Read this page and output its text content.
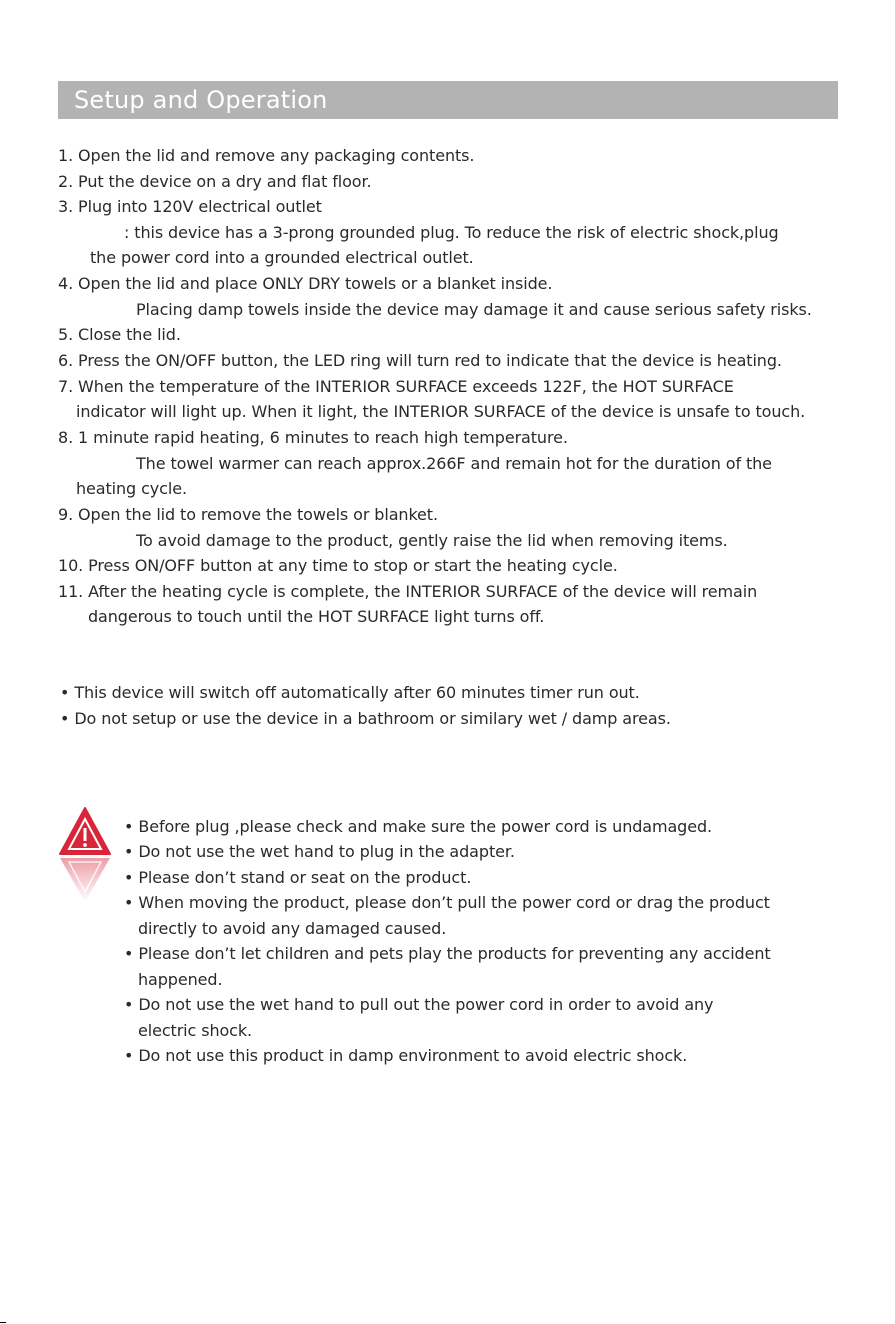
Setup and Operation
1. Open the lid and remove any packaging contents.
2. Put the device on a dry and flat floor.
3. Plug into 120V electrical outlet
: this device has a 3-prong grounded plug. To reduce the risk of electric shock,plug
the power cord into a grounded electrical outlet.
4. Open the lid and place ONLY DRY towels or a blanket inside.
Placing damp towels inside the device may damage it and cause serious safety risks.
5. Close the lid.
6. Press the ON/OFF button, the LED ring will turn red to indicate that the device is heating.
7. When the temperature of the INTERIOR SURFACE exceeds 122F, the HOT SURFACE
indicator will light up. When it light, the INTERIOR SURFACE of the device is unsafe to touch.
8. 1 minute rapid heating, 6 minutes to reach high temperature.
The towel warmer can reach approx.266F and remain hot for the duration of the
heating cycle.
9. Open the lid to remove the towels or blanket.
To avoid damage to the product, gently raise the lid when removing items.
10. Press ON/OFF button at any time to stop or start the heating cycle.
11. After the heating cycle is complete, the INTERIOR SURFACE of the device will remain
dangerous to touch until the HOT SURFACE light turns off.
• This device will switch off automatically after 60 minutes timer run out.
• Do not setup or use the device in a bathroom or similary wet / damp areas.
• Before plug ,please check and make sure the power cord is undamaged.
• Do not use the wet hand to plug in the adapter.
• Please don’t stand or seat on the product.
• When moving the product, please don’t pull the power cord or drag the product
directly to avoid any damaged caused.
• Please don’t let children and pets play the products for preventing any accident
happened.
• Do not use the wet hand to pull out the power cord in order to avoid any
electric shock.
• Do not use this product in damp environment to avoid electric shock.
